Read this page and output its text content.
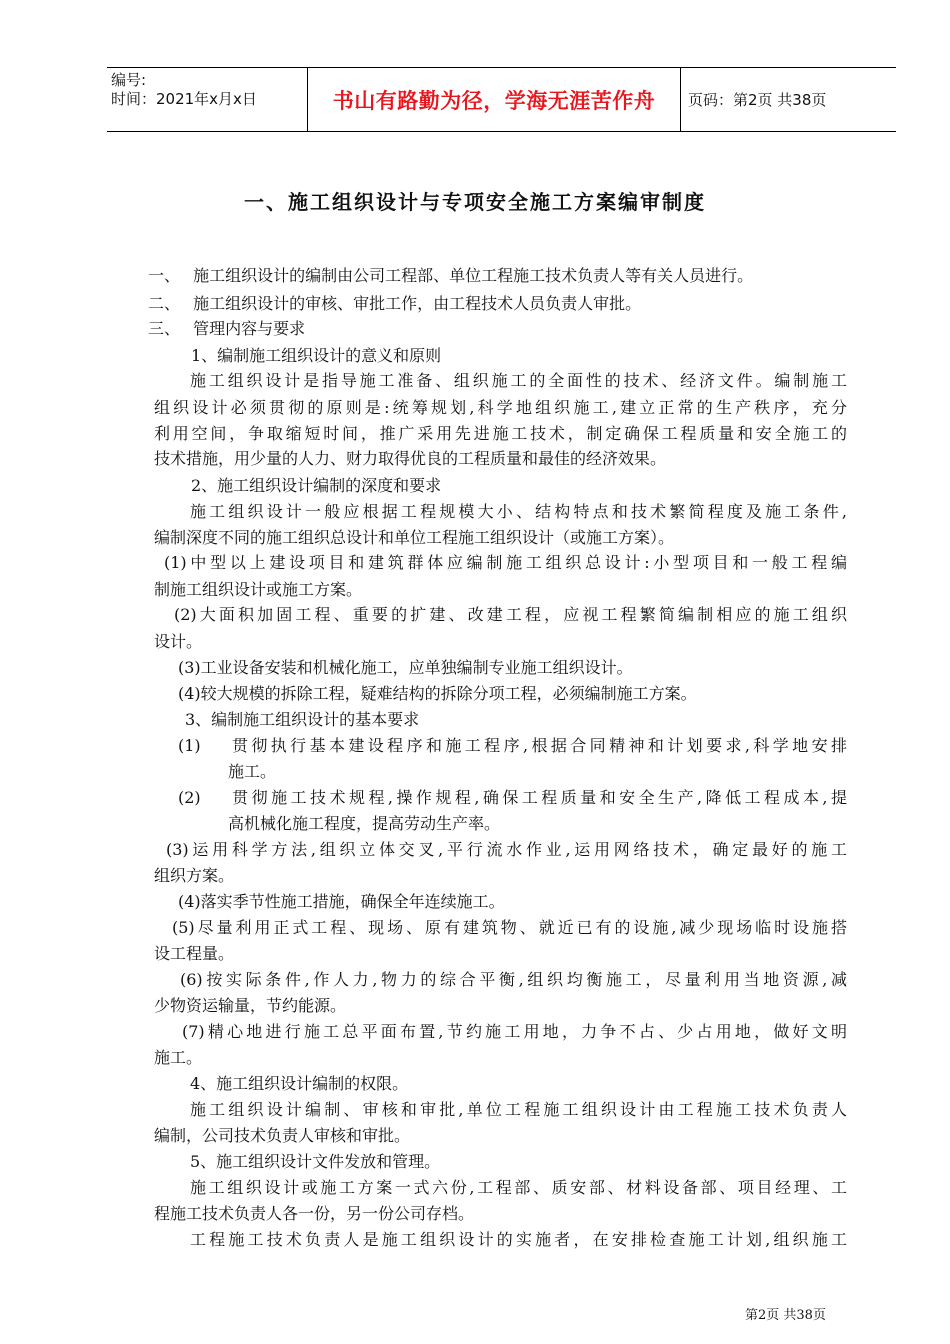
编号:
时间：2021年x月x日	书山有路勤为径，学海无涯苦作舟	页码：第2页 共38页
一、施工组织设计与专项安全施工方案编审制度
一、　 施工组织设计的编制由公司工程部、单位工程施工技术负责人等有关人员进行。
二、　 施工组织设计的审核、审批工作，由工程技术人员负责人审批。
三、　 管理内容与要求
1、编制施工组织设计的意义和原则
施工组织设计是指导施工准备、组织施工的全面性的技术、经济文件。编制施工
组织设计必须贯彻的原则是:统筹规划,科学地组织施工,建立正常的生产秩序，充分
利用空间，争取缩短时间，推广采用先进施工技术，制定确保工程质量和安全施工的
技术措施，用少量的人力、财力取得优良的工程质量和最佳的经济效果。
2、施工组织设计编制的深度和要求
施工组织设计一般应根据工程规模大小、结构特点和技术繁简程度及施工条件,
编制深度不同的施工组织总设计和单位工程施工组织设计（或施工方案）。
(1)中型以上建设项目和建筑群体应编制施工组织总设计:小型项目和一般工程编
制施工组织设计或施工方案。
(2)大面积加固工程、重要的扩建、改建工程，应视工程繁简编制相应的施工组织
设计。
(3)工业设备安装和机械化施工，应单独编制专业施工组织设计。
(4)较大规模的拆除工程，疑难结构的拆除分项工程，必须编制施工方案。
3、编制施工组织设计的基本要求
(1)　 贯彻执行基本建设程序和施工程序,根据合同精神和计划要求,科学地安排
施工。
(2)　 贯彻施工技术规程,操作规程,确保工程质量和安全生产,降低工程成本,提
高机械化施工程度，提高劳动生产率。
(3)运用科学方法,组织立体交叉,平行流水作业,运用网络技术，确定最好的施工
组织方案。
(4)落实季节性施工措施，确保全年连续施工。
(5)尽量利用正式工程、现场、原有建筑物、就近已有的设施,减少现场临时设施搭
设工程量。
(6)按实际条件,作人力,物力的综合平衡,组织均衡施工，尽量利用当地资源,减
少物资运输量，节约能源。
(7)精心地进行施工总平面布置,节约施工用地，力争不占、少占用地，做好文明
施工。
4、施工组织设计编制的权限。
施工组织设计编制、审核和审批,单位工程施工组织设计由工程施工技术负责人
编制，公司技术负责人审核和审批。
5、施工组织设计文件发放和管理。
施工组织设计或施工方案一式六份,工程部、质安部、材料设备部、项目经理、工
程施工技术负责人各一份，另一份公司存档。
工程施工技术负责人是施工组织设计的实施者，在安排检查施工计划,组织施工
第2页 共38页
